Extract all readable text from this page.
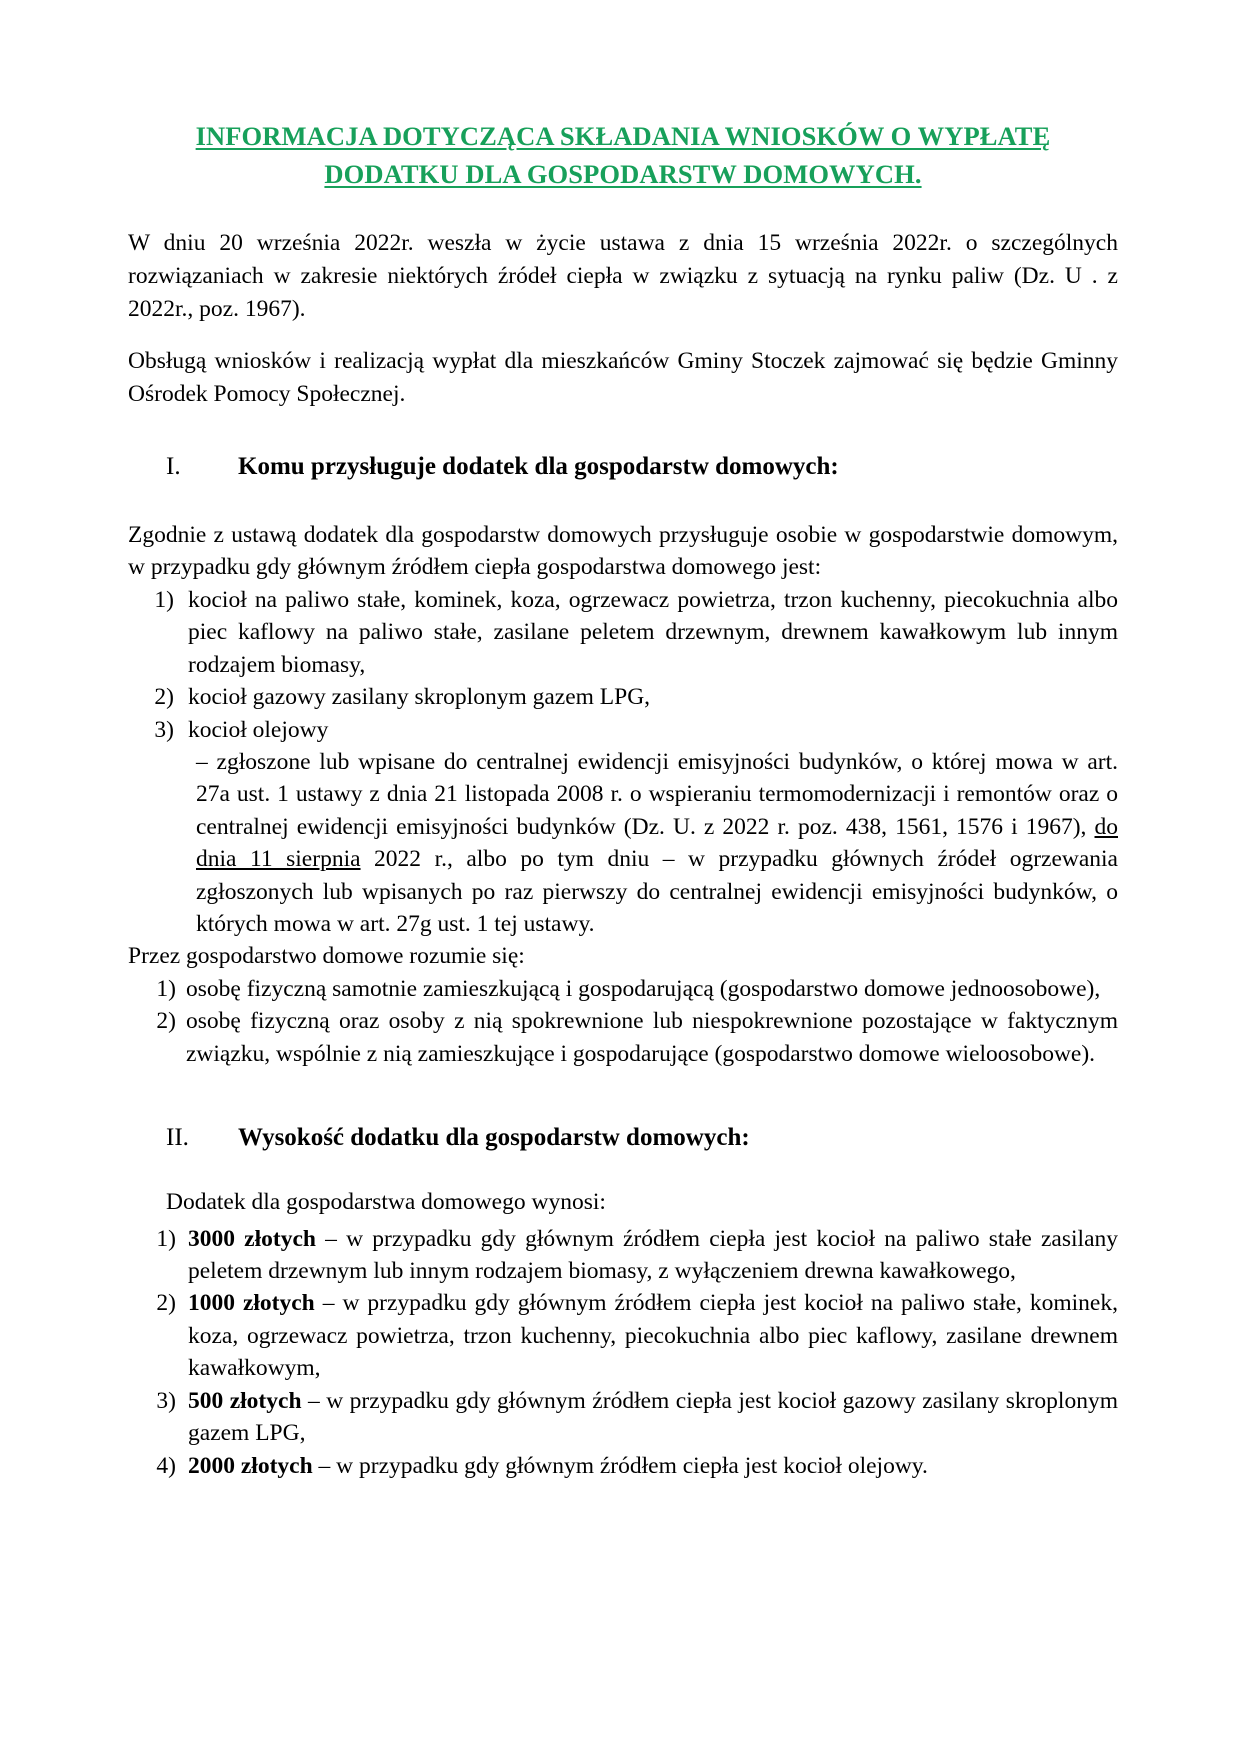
INFORMACJA DOTYCZĄCA SKŁADANIA WNIOSKÓW O WYPŁATĘ
DODATKU DLA GOSPODARSTW DOMOWYCH.

W dniu 20 września 2022r. weszła w życie ustawa z dnia 15 września 2022r. o szczególnych rozwiązaniach w zakresie niektórych źródeł ciepła w związku z sytuacją na rynku paliw (Dz. U . z 2022r., poz. 1967).

Obsługą wniosków i realizacją wypłat dla mieszkańców Gminy Stoczek zajmować się będzie Gminny Ośrodek Pomocy Społecznej.

I.	Komu przysługuje dodatek dla gospodarstw domowych:

Zgodnie z ustawą dodatek dla gospodarstw domowych przysługuje osobie w gospodarstwie domowym, w przypadku gdy głównym źródłem ciepła gospodarstwa domowego jest:

1) kocioł na paliwo stałe, kominek, koza, ogrzewacz powietrza, trzon kuchenny, piecokuchnia albo piec kaflowy na paliwo stałe, zasilane peletem drzewnym, drewnem kawałkowym lub innym rodzajem biomasy,
2) kocioł gazowy zasilany skroplonym gazem LPG,
3) kocioł olejowy

– zgłoszone lub wpisane do centralnej ewidencji emisyjności budynków, o której mowa w art. 27a ust. 1 ustawy z dnia 21 listopada 2008 r. o wspieraniu termomodernizacji i remontów oraz o centralnej ewidencji emisyjności budynków (Dz. U. z 2022 r. poz. 438, 1561, 1576 i 1967), do dnia 11 sierpnia 2022 r., albo po tym dniu – w przypadku głównych źródeł ogrzewania zgłoszonych lub wpisanych po raz pierwszy do centralnej ewidencji emisyjności budynków, o których mowa w art. 27g ust. 1 tej ustawy.

Przez gospodarstwo domowe rozumie się:

1) osobę fizyczną samotnie zamieszkującą i gospodarującą (gospodarstwo domowe jednoosobowe),
2) osobę fizyczną oraz osoby z nią spokrewnione lub niespokrewnione pozostające w faktycznym związku, wspólnie z nią zamieszkujące i gospodarujące (gospodarstwo domowe wieloosobowe).
II.	Wysokość dodatku dla gospodarstw domowych:

Dodatek dla gospodarstwa domowego wynosi:

1) 3000 złotych – w przypadku gdy głównym źródłem ciepła jest kocioł na paliwo stałe zasilany peletem drzewnym lub innym rodzajem biomasy, z wyłączeniem drewna kawałkowego,
2) 1000 złotych – w przypadku gdy głównym źródłem ciepła jest kocioł na paliwo stałe, kominek, koza, ogrzewacz powietrza, trzon kuchenny, piecokuchnia albo piec kaflowy, zasilane drewnem kawałkowym,
3) 500 złotych – w przypadku gdy głównym źródłem ciepła jest kocioł gazowy zasilany skroplonym gazem LPG,
4) 2000 złotych – w przypadku gdy głównym źródłem ciepła jest kocioł olejowy.
